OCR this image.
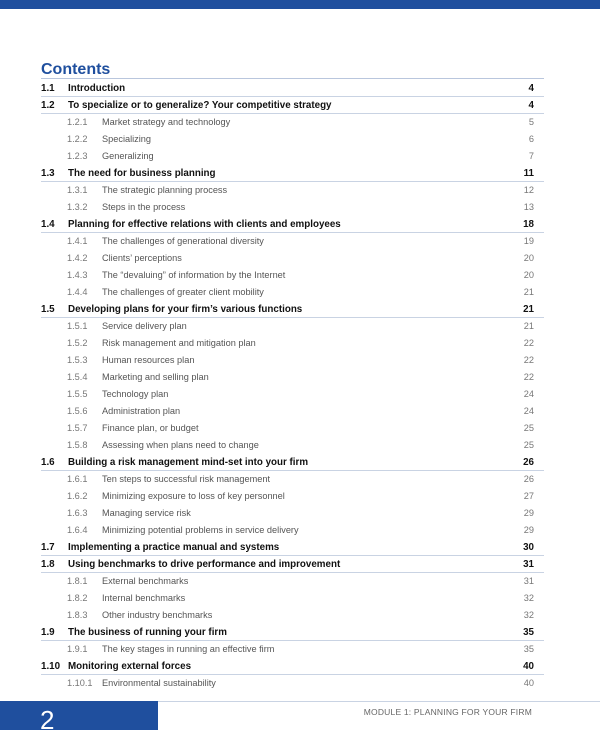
Contents
1.1 Introduction	4
1.2 To specialize or to generalize? Your competitive strategy	4
1.2.1 Market strategy and technology	5
1.2.2 Specializing	6
1.2.3 Generalizing	7
1.3 The need for business planning	11
1.3.1 The strategic planning process	12
1.3.2 Steps in the process	13
1.4 Planning for effective relations with clients and employees	18
1.4.1 The challenges of generational diversity	19
1.4.2 Clients’ perceptions	20
1.4.3 The “devaluing” of information by the Internet	20
1.4.4 The challenges of greater client mobility	21
1.5 Developing plans for your firm’s various functions	21
1.5.1 Service delivery plan	21
1.5.2 Risk management and mitigation plan	22
1.5.3 Human resources plan	22
1.5.4 Marketing and selling plan	22
1.5.5 Technology plan	24
1.5.6 Administration plan	24
1.5.7 Finance plan, or budget	25
1.5.8 Assessing when plans need to change	25
1.6 Building a risk management mind-set into your firm	26
1.6.1 Ten steps to successful risk management	26
1.6.2 Minimizing exposure to loss of key personnel	27
1.6.3 Managing service risk	29
1.6.4 Minimizing potential problems in service delivery	29
1.7 Implementing a practice manual and systems	30
1.8 Using benchmarks to drive performance and improvement	31
1.8.1 External benchmarks	31
1.8.2 Internal benchmarks	32
1.8.3 Other industry benchmarks	32
1.9 The business of running your firm	35
1.9.1 The key stages in running an effective firm	35
1.10 Monitoring external forces	40
1.10.1 Environmental sustainability	40
2	MODULE 1: PLANNING FOR YOUR FIRM
